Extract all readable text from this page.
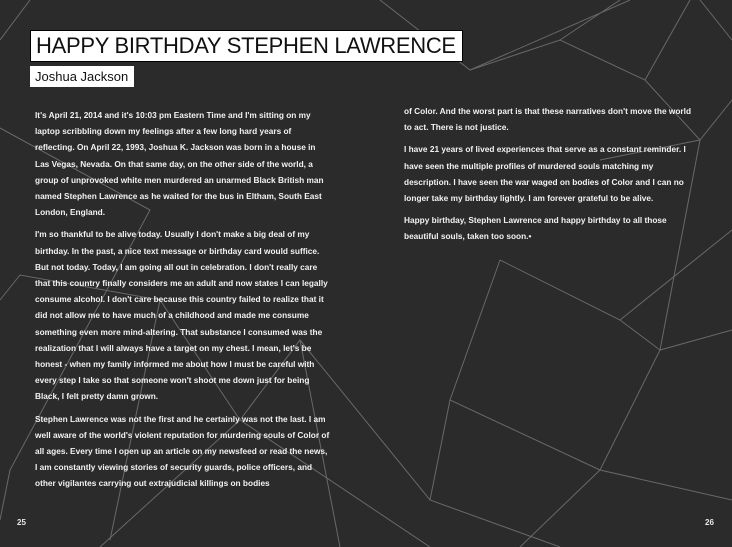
HAPPY BIRTHDAY STEPHEN LAWRENCE
Joshua Jackson

It's April 21, 2014 and it's 10:03 pm Eastern Time and I'm sitting on my laptop scribbling down my feelings after a few long hard years of reflecting. On April 22, 1993, Joshua K. Jackson was born in a house in Las Vegas, Nevada. On that same day, on the other side of the world, a group of unprovoked white men murdered an unarmed Black British man named Stephen Lawrence as he waited for the bus in Eltham, South East London, England.

I'm so thankful to be alive today. Usually I don't make a big deal of my birthday. In the past, a nice text message or birthday card would suffice. But not today. Today, I am going all out in celebration. I don't really care that this country finally considers me an adult and now states I can legally consume alcohol. I don't care because this country failed to realize that it did not allow me to have much of a childhood and made me consume something even more mind-altering. That substance I consumed was the realization that I will always have a target on my chest. I mean, let's be honest - when my family informed me about how I must be careful with every step I take so that someone won't shoot me down just for being Black, I felt pretty damn grown.

Stephen Lawrence was not the first and he certainly was not the last. I am well aware of the world's violent reputation for murdering souls of Color of all ages. Every time I open up an article on my newsfeed or read the news, I am constantly viewing stories of security guards, police officers, and other vigilantes carrying out extrajudicial killings on bodies

of Color. And the worst part is that these narratives don't move the world to act. There is not justice.

I have 21 years of lived experiences that serve as a constant reminder. I have seen the multiple profiles of murdered souls matching my description. I have seen the war waged on bodies of Color and I can no longer take my birthday lightly. I am forever grateful to be alive.

Happy birthday, Stephen Lawrence and happy birthday to all those beautiful souls, taken too soon.•

25	26
